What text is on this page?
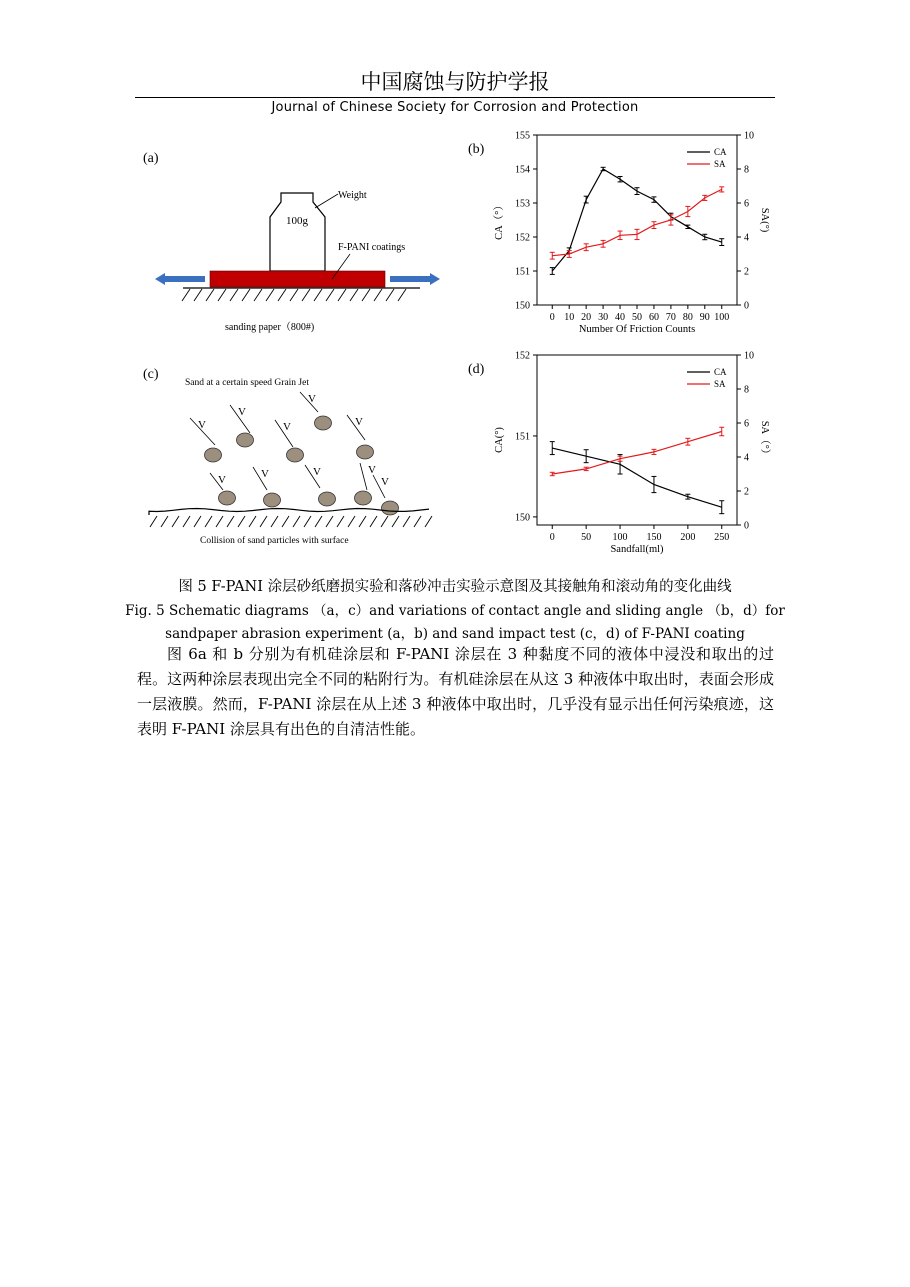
中国腐蚀与防护学报
Journal of Chinese Society for Corrosion and Protection
(a)
100g
Weight
F-PANI coatings
sanding paper（800#)
(b)
150
151
152
153
154
155
0
2
4
6
8
10
0 10 20 30 40 50 60 70 80 90 100
Number Of Friction Counts
CA（°）	SA(°)
CA
SA
(c)
Sand at a certain speed Grain Jet
V
V
V
V
V
V
V	V
V
V
Collision of sand particles with surface
(d)
150
151
152
0
2
4
6
8
10
0	50 100 150 200 250
Sandfall(ml)
CA(°)	SA（°）
CA
SA
图 5 F-PANI 涂层砂纸磨损实验和落砂冲击实验示意图及其接触角和滚动角的变化曲线
Fig. 5 Schematic diagrams （a，c）and variations of contact angle and sliding angle （b，d）for
sandpaper abrasion experiment (a，b) and sand impact test (c，d) of F-PANI coating
图 6a 和 b 分别为有机硅涂层和 F-PANI 涂层在 3 种黏度不同的液体中浸没和取出的过程。这两种涂层表现出完全不同的粘附行为。有机硅涂层在从这 3 种液体中取出时，表面会形成一层液膜。然而，F-PANI 涂层在从上述 3 种液体中取出时，几乎没有显示出任何污染痕迹，这表明 F-PANI 涂层具有出色的自清洁性能。
